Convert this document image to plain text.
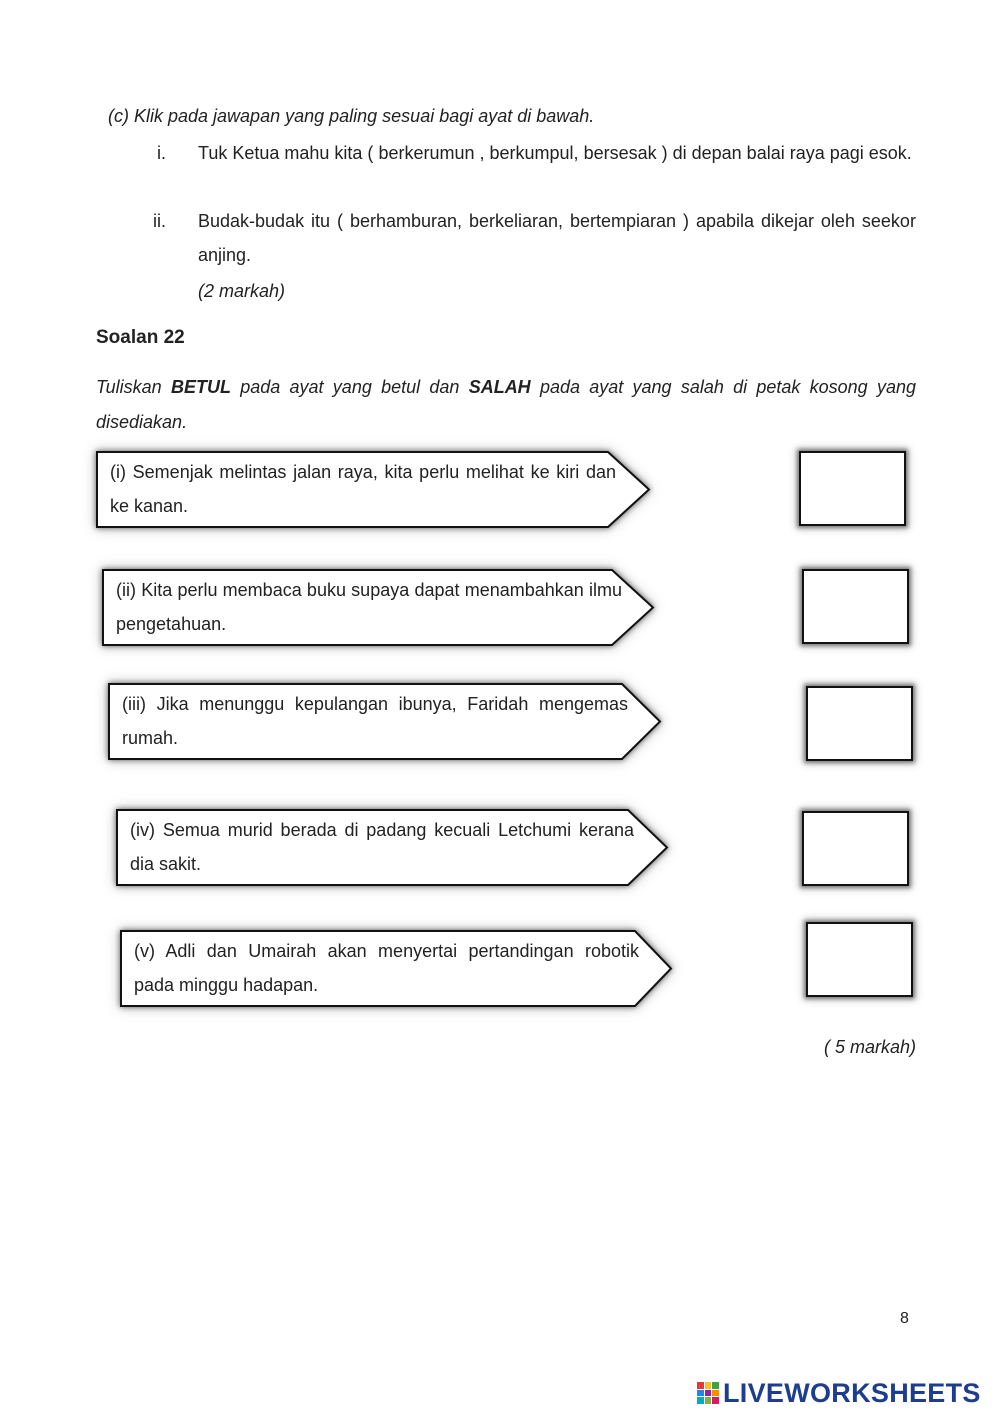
(c) Klik pada jawapan yang paling sesuai bagi ayat di bawah.
i.	Tuk Ketua mahu kita ( berkerumun , berkumpul, bersesak ) di depan balai raya pagi esok.
ii.	Budak-budak itu ( berhamburan, berkeliaran, bertempiaran ) apabila dikejar oleh seekor anjing.
(2 markah)
Soalan 22
Tuliskan BETUL pada ayat yang betul dan SALAH pada ayat yang salah di petak kosong yang disediakan.
(i) Semenjak melintas jalan raya, kita perlu melihat ke kiri dan ke kanan.
(ii) Kita perlu membaca buku supaya dapat menambahkan ilmu pengetahuan.
(iii) Jika menunggu kepulangan ibunya, Faridah mengemas rumah.
(iv) Semua murid berada di padang kecuali Letchumi kerana dia sakit.
(v) Adli dan Umairah akan menyertai pertandingan robotik pada minggu hadapan.
( 5 markah)
8
LIVEWORKSHEETS
